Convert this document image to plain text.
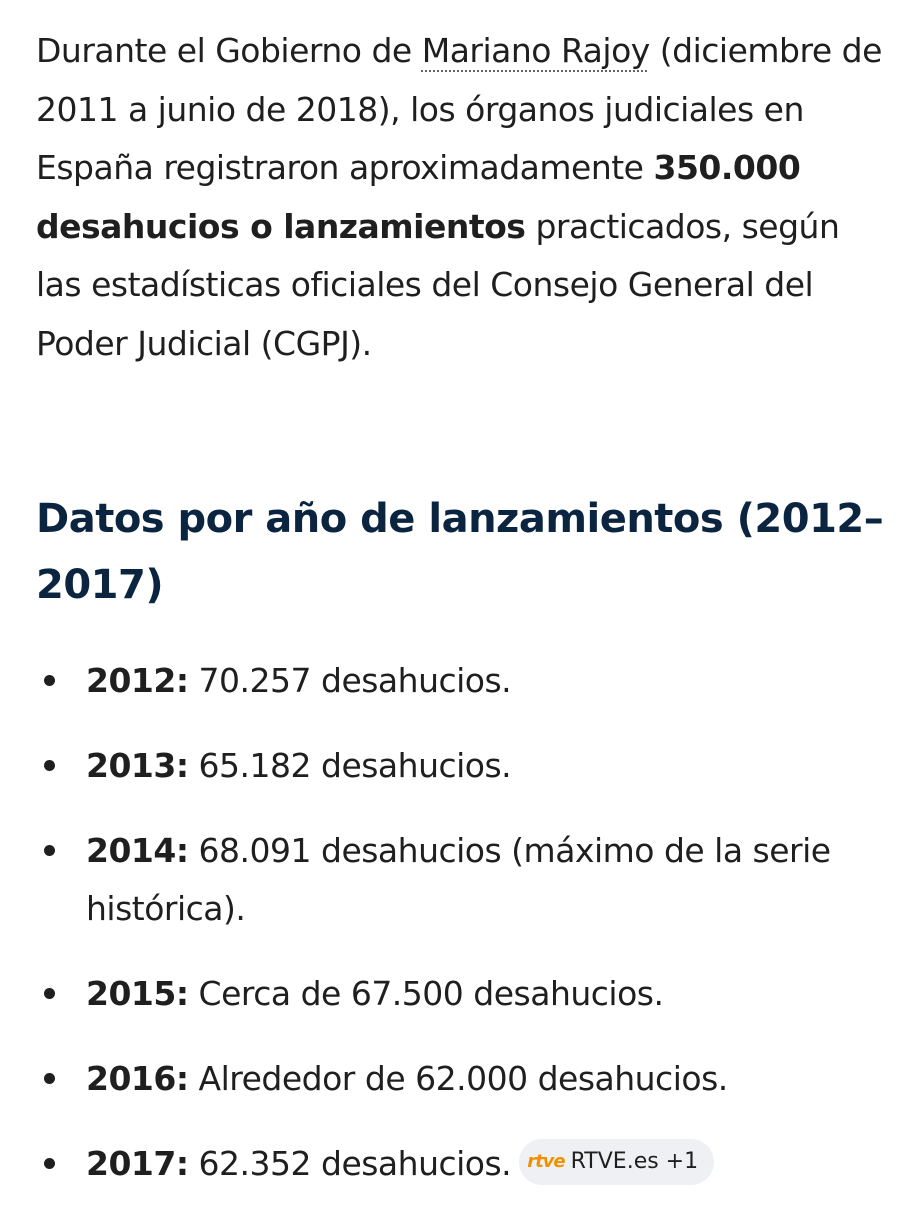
Durante el Gobierno de Mariano Rajoy (diciembre de 2011 a junio de 2018), los órganos judiciales en España registraron aproximadamente 350.000 desahucios o lanzamientos practicados, según las estadísticas oficiales del Consejo General del Poder Judicial (CGPJ).

Datos por año de lanzamientos (2012–2017)
2012: 70.257 desahucios.
2013: 65.182 desahucios.
2014: 68.091 desahucios (máximo de la serie histórica).
2015: Cerca de 67.500 desahucios.
2016: Alrededor de 62.000 desahucios.
2017: 62.352 desahucios. rtve RTVE.es +1
